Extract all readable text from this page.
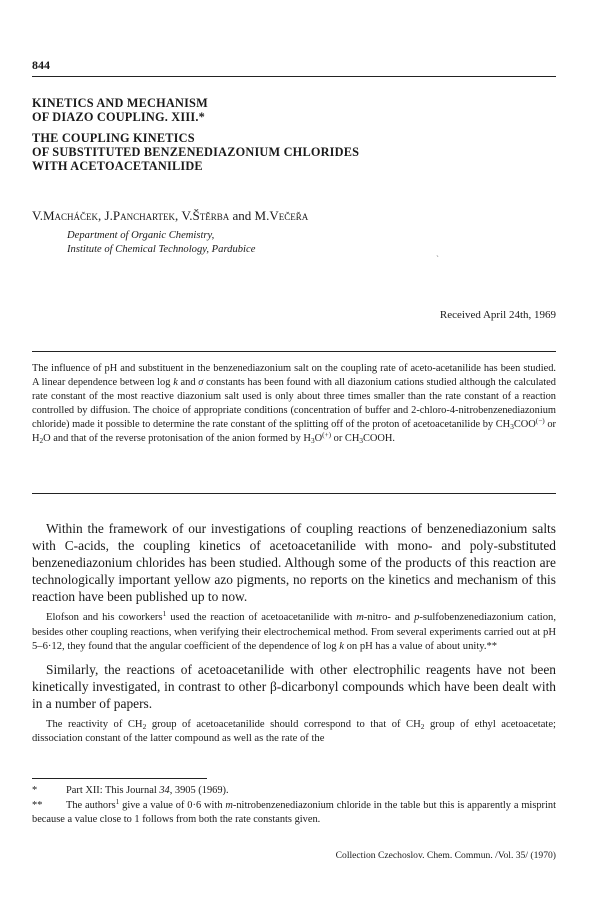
844
KINETICS AND MECHANISM
OF DIAZO COUPLING. XIII.*
THE COUPLING KINETICS
OF SUBSTITUTED BENZENEDIAZONIUM CHLORIDES
WITH ACETOACETANILIDE
V.Macháček, J.Panchartek, V.Štěrba and M.Večeřa
Department of Organic Chemistry,
Institute of Chemical Technology, Pardubice
`
Received April 24th, 1969
The influence of pH and substituent in the benzenediazonium salt on the coupling rate of aceto-acetanilide has been studied. A linear dependence between log k and σ constants has been found with all diazonium cations studied although the calculated rate constant of the most reactive diazonium salt used is only about three times smaller than the rate constant of a reaction controlled by diffusion. The choice of appropriate conditions (concentration of buffer and 2-chloro-4-nitrobenzenediazonium chloride) made it possible to determine the rate constant of the splitting off of the proton of acetoacetanilide by $CH_3COO^{(-)}$ or $H_2O$ and that of the reverse protonisation of the anion formed by $H_3O^{(+)}$ or $CH_3COOH$.

Within the framework of our investigations of coupling reactions of benzenediazonium salts with C-acids, the coupling kinetics of acetoacetanilide with mono- and poly-substituted benzenediazonium chlorides has been studied. Although some of the products of this reaction are technologically important yellow azo pigments, no reports on the kinetics and mechanism of this reaction have been published up to now.

Elofson and his coworkers$^1$ used the reaction of acetoacetanilide with m-nitro- and p-sulfobenzenediazonium cation, besides other coupling reactions, when verifying their electrochemical method. From several experiments carried out at pH 5–6·12, they found that the angular coefficient of the dependence of log k on pH has a value of about unity.**

Similarly, the reactions of acetoacetanilide with other electrophilic reagents have not been kinetically investigated, in contrast to other β-dicarbonyl compounds which have been dealt with in a number of papers.

The reactivity of $CH_2$ group of acetoacetanilide should correspond to that of $CH_2$ group of ethyl acetoacetate; dissociation constant of the latter compound as well as the rate of the

*	Part XII: This Journal 34, 3905 (1969).
** The authors$^1$ give a value of 0·6 with m-nitrobenzenediazonium chloride in the table but this is apparently a misprint because a value close to 1 follows from both the rate constants given.
Collection Czechoslov. Chem. Commun. /Vol. 35/ (1970)
